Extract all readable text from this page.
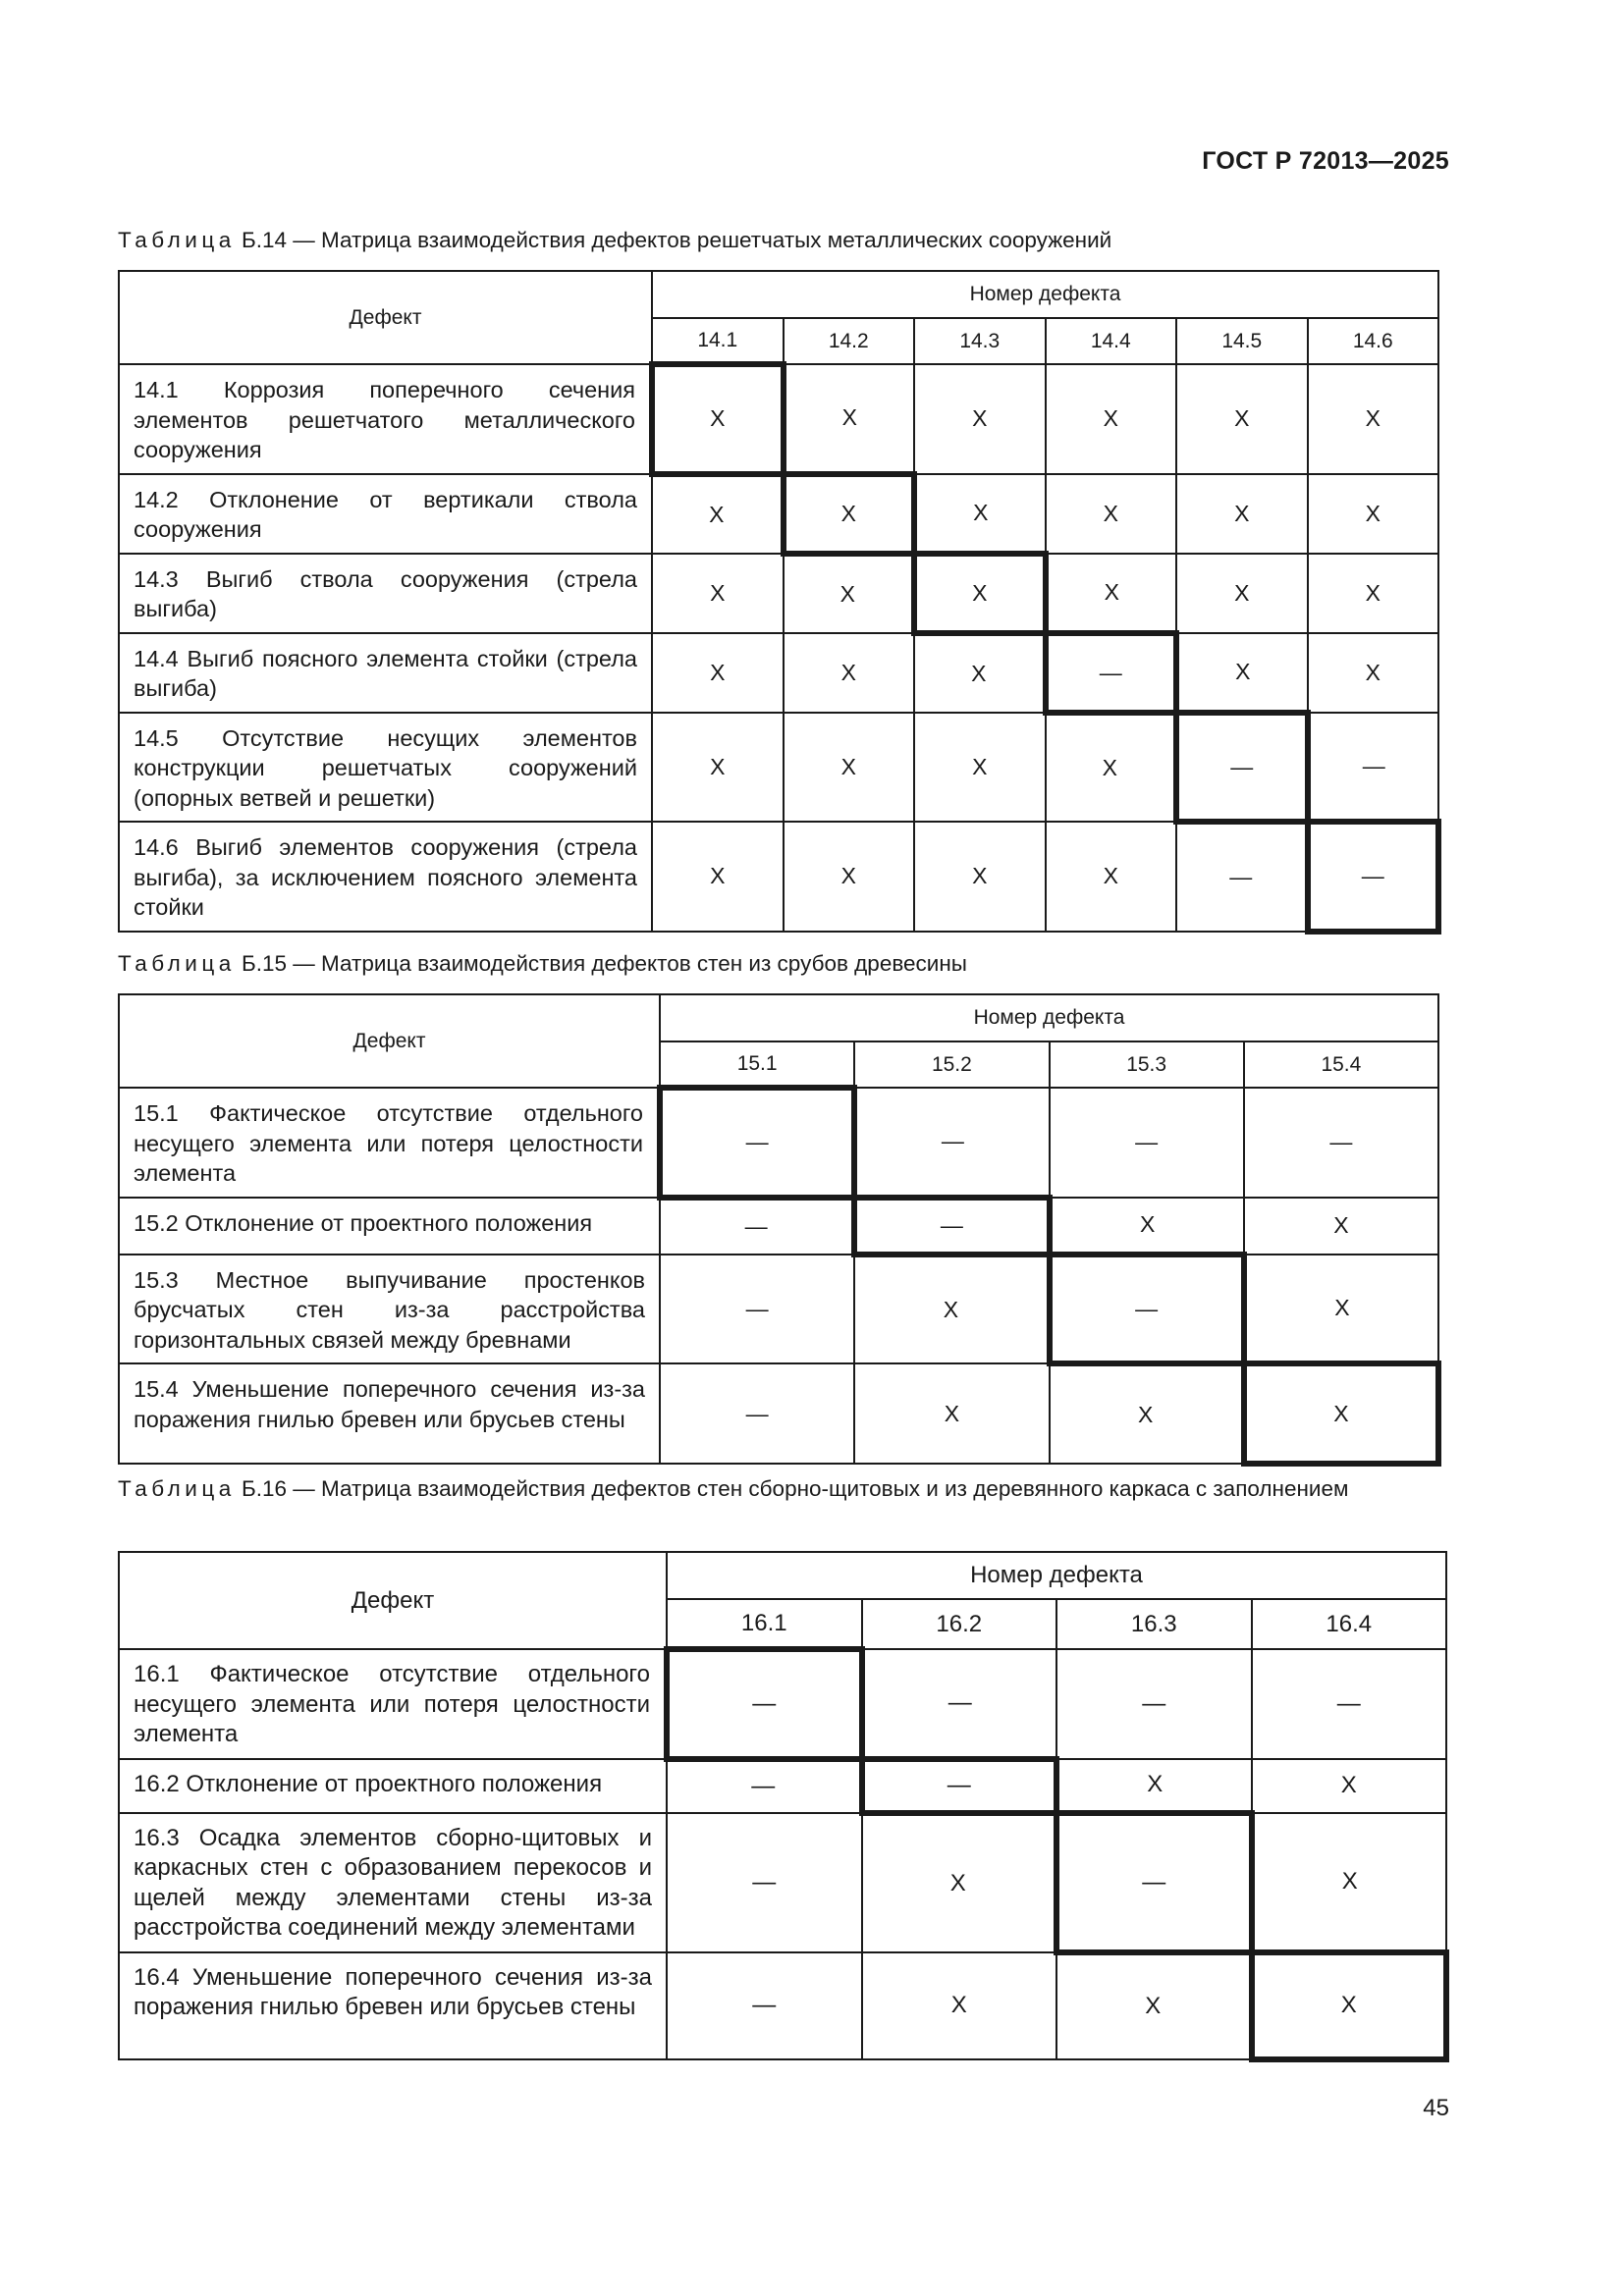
ГОСТ Р 72013—2025
Таблица Б.14 — Матрица взаимодействия дефектов решетчатых металлических сооружений
Дефект	Номер дефекта					
	14.1	14.2	14.3	14.4	14.5	14.6
14.1 Коррозия поперечного сечения элементов решетчатого металлического сооружения	X	X	X	X	X	X
14.2 Отклонение от вертикали ствола сооружения	X	X	X	X	X	X
14.3 Выгиб ствола сооружения (стрела выгиба)	X	X	X	X	X	X
14.4 Выгиб поясного элемента стойки (стрела выгиба)	X	X	X	—	X	X
14.5 Отсутствие несущих элементов конструкции решетчатых сооружений (опорных ветвей и решетки)	X	X	X	X	—	—
14.6 Выгиб элементов сооружения (стрела выгиба), за исключением поясного элемента стойки	X	X	X	X	—	—
Таблица Б.15 — Матрица взаимодействия дефектов стен из срубов древесины
Дефект	Номер дефекта			
	15.1	15.2	15.3	15.4
15.1 Фактическое отсутствие отдельного несущего элемента или потеря целостности элемента	—	—	—	—
15.2 Отклонение от проектного положения	—	—	X	X
15.3 Местное выпучивание простенков брусчатых стен из-за расстройства горизонтальных связей между бревнами	—	X	—	X
15.4 Уменьшение поперечного сечения из-за поражения гнилью бревен или брусьев стены	—	X	X	X
Таблица Б.16 — Матрица взаимодействия дефектов стен сборно-щитовых и из деревянного каркаса с заполнением
Дефект	Номер дефекта			
	16.1	16.2	16.3	16.4
16.1 Фактическое отсутствие отдельного несущего элемента или потеря целостности элемента	—	—	—	—
16.2 Отклонение от проектного положения	—	—	X	X
16.3 Осадка элементов сборно-щитовых и каркасных стен с образованием перекосов и щелей между элементами стены из-за расстройства соединений между элементами	—	X	—	X
16.4 Уменьшение поперечного сечения из-за поражения гнилью бревен или брусьев стены	—	X	X	X
45
